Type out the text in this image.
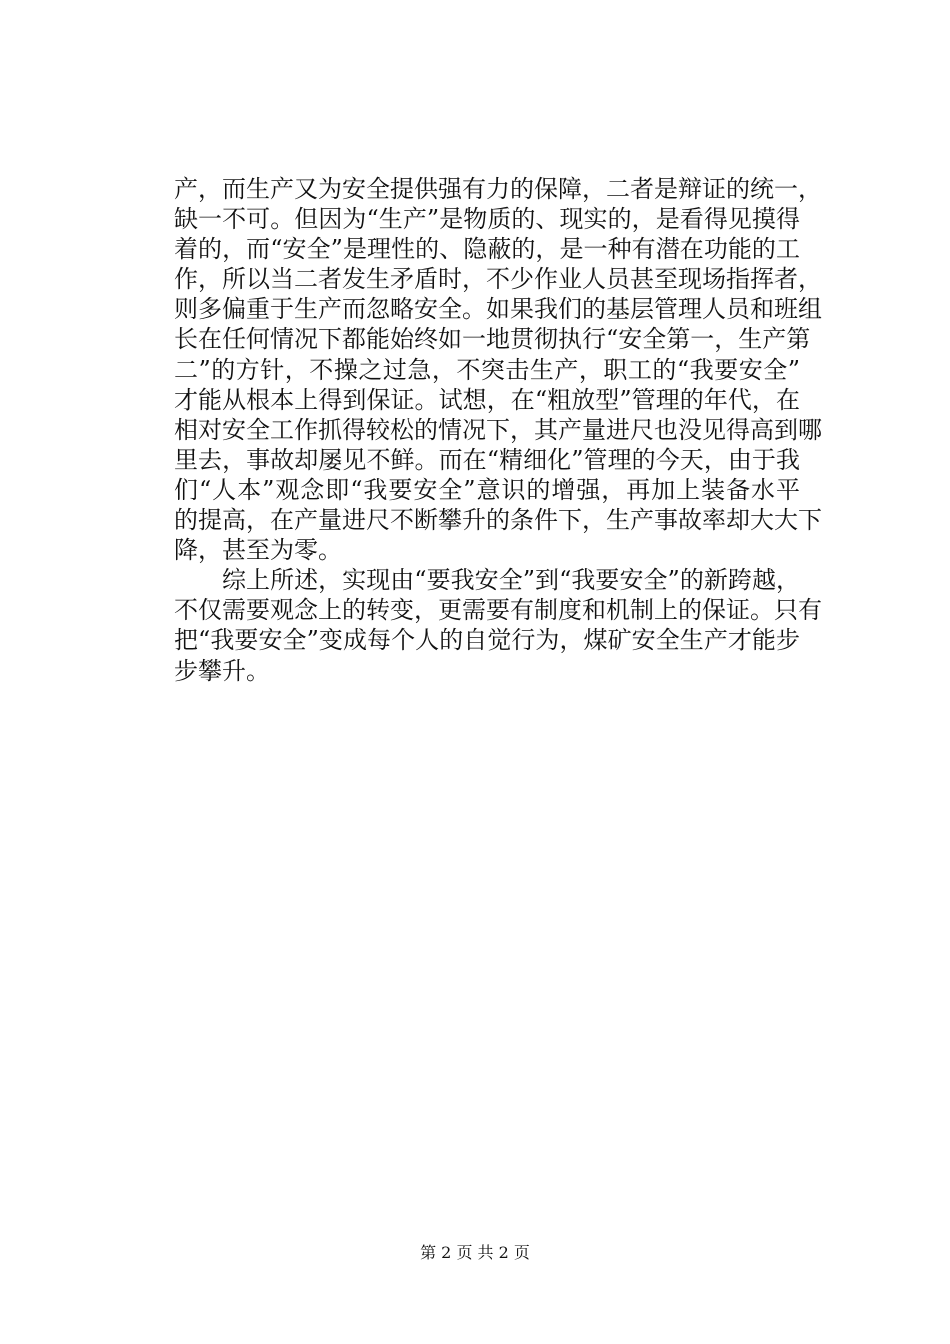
产，而生产又为安全提供强有力的保障，二者是辩证的统一，
缺一不可。但因为“生产”是物质的、现实的，是看得见摸得
着的，而“安全”是理性的、隐蔽的，是一种有潜在功能的工
作，所以当二者发生矛盾时，不少作业人员甚至现场指挥者，
则多偏重于生产而忽略安全。如果我们的基层管理人员和班组
长在任何情况下都能始终如一地贯彻执行“安全第一，生产第
二”的方针，不操之过急，不突击生产，职工的“我要安全”
才能从根本上得到保证。试想，在“粗放型”管理的年代，在
相对安全工作抓得较松的情况下，其产量进尺也没见得高到哪
里去，事故却屡见不鲜。而在“精细化”管理的今天，由于我
们“人本”观念即“我要安全”意识的增强，再加上装备水平
的提高，在产量进尺不断攀升的条件下，生产事故率却大大下
降，甚至为零。
综上所述，实现由“要我安全”到“我要安全”的新跨越，
不仅需要观念上的转变，更需要有制度和机制上的保证。只有
把“我要安全”变成每个人的自觉行为，煤矿安全生产才能步
步攀升。
第 2 页 共 2 页
